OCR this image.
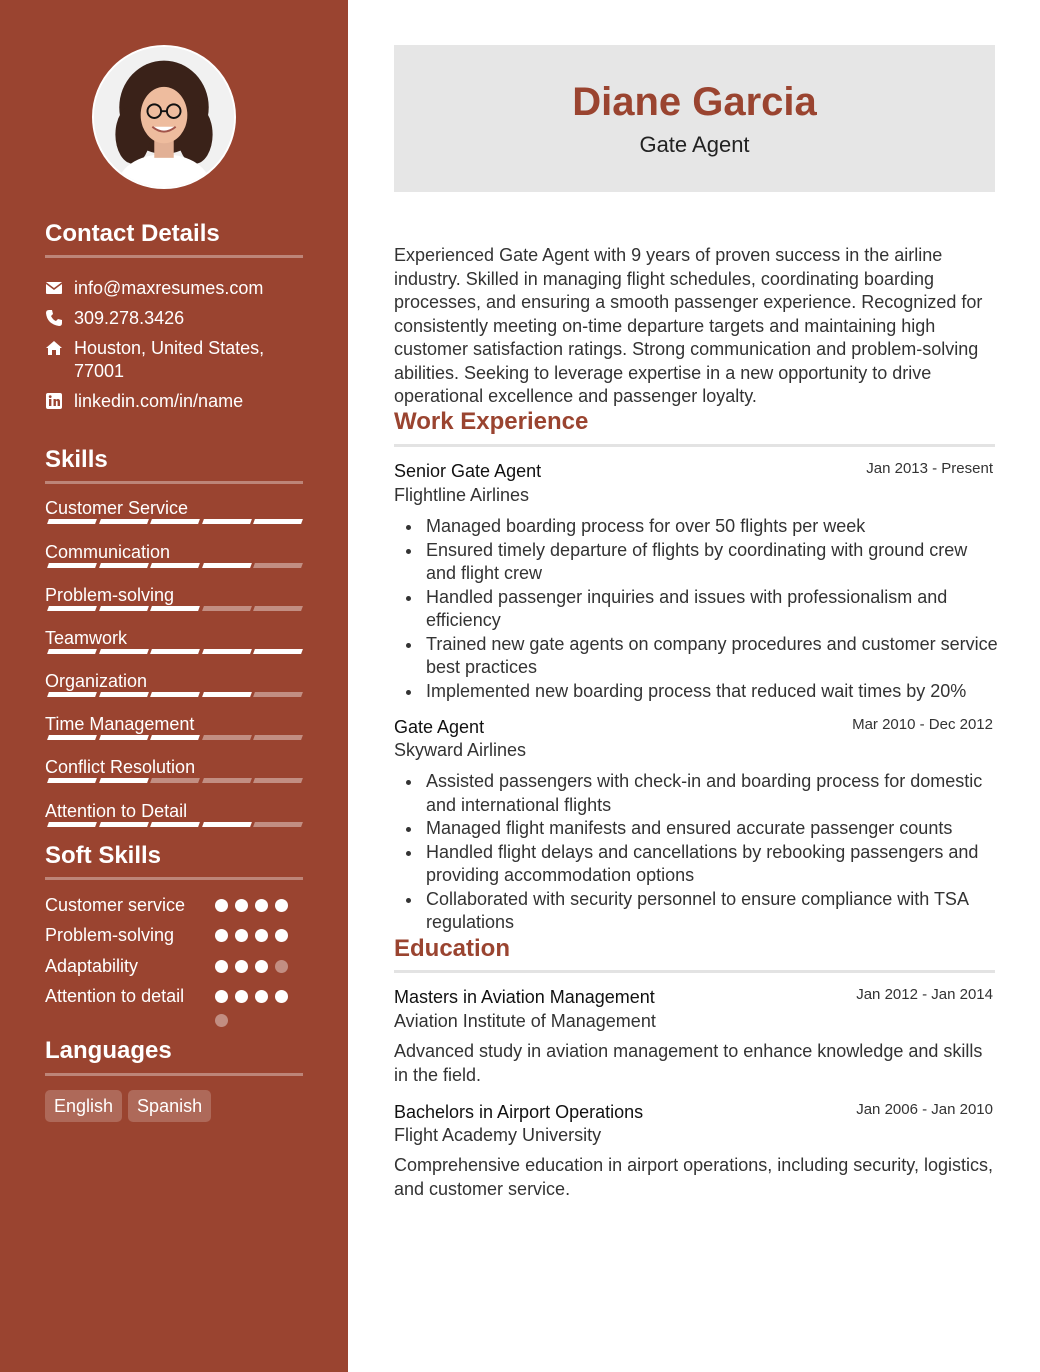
Contact Details
info@maxresumes.com
309.278.3426
Houston, United States, 77001
linkedin.com/in/name
Skills
Customer Service
Communication
Problem-solving
Teamwork
Organization
Time Management
Conflict Resolution
Attention to Detail
Soft Skills
Customer service
Problem-solving
Adaptability
Attention to detail
Languages
English	Spanish
Diane Garcia
Gate Agent
Experienced Gate Agent with 9 years of proven success in the airline industry. Skilled in managing flight schedules, coordinating boarding processes, and ensuring a smooth passenger experience. Recognized for consistently meeting on-time departure targets and maintaining high customer satisfaction ratings. Strong communication and problem-solving abilities. Seeking to leverage expertise in a new opportunity to drive operational excellence and passenger loyalty.
Work Experience
Senior Gate Agent	Jan 2013 - Present
Flightline Airlines
Managed boarding process for over 50 flights per week
Ensured timely departure of flights by coordinating with ground crew and flight crew
Handled passenger inquiries and issues with professionalism and efficiency
Trained new gate agents on company procedures and customer service best practices
Implemented new boarding process that reduced wait times by 20%
Gate Agent	Mar 2010 - Dec 2012
Skyward Airlines
Assisted passengers with check-in and boarding process for domestic and international flights
Managed flight manifests and ensured accurate passenger counts
Handled flight delays and cancellations by rebooking passengers and providing accommodation options
Collaborated with security personnel to ensure compliance with TSA regulations
Education
Masters in Aviation Management	Jan 2012 - Jan 2014
Aviation Institute of Management
Advanced study in aviation management to enhance knowledge and skills in the field.
Bachelors in Airport Operations	Jan 2006 - Jan 2010
Flight Academy University
Comprehensive education in airport operations, including security, logistics, and customer service.
